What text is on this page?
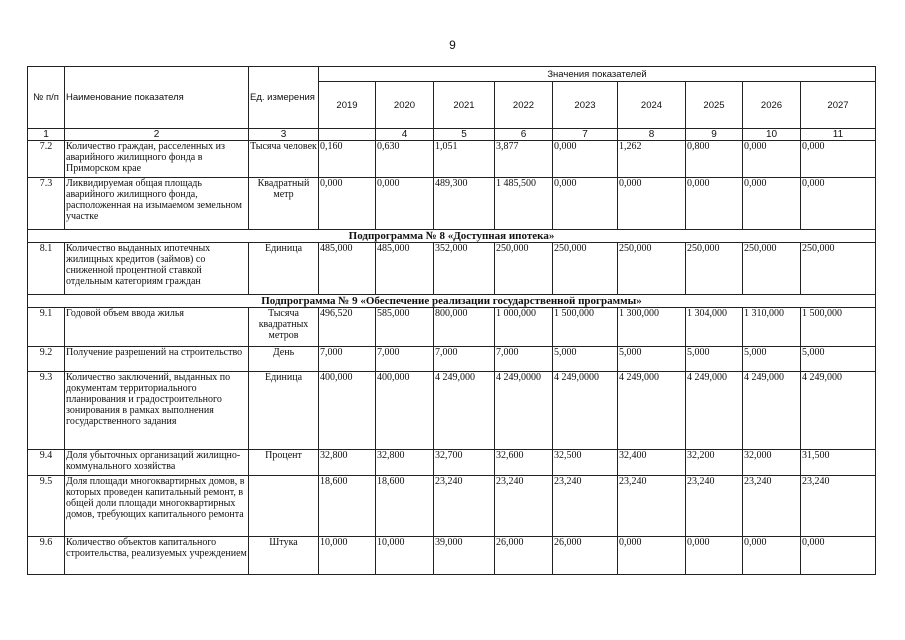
9
№ п/п	Наименование показателя	Ед. измерения	Значения показателей								
			2019	2020	2021	2022	2023	2024	2025	2026	2027
1	2	3		4	5	6	7	8	9	10	11
7.2	Количество граждан, расселенных из аварийного жилищного фонда в Приморском крае	Тысяча человек	0,160	0,630	1,051	3,877	0,000	1,262	0,800	0,000	0,000
7.3	Ликвидируемая общая площадь аварийного жилищного фонда, расположенная на изымаемом земельном участке	Квадратный метр	0,000	0,000	489,300	1 485,500	0,000	0,000	0,000	0,000	0,000
Подпрограмма № 8 «Доступная ипотека»											
8.1	Количество выданных ипотечных жилищных кредитов (займов) со сниженной процентной ставкой отдельным категориям граждан	Единица	485,000	485,000	352,000	250,000	250,000	250,000	250,000	250,000	250,000
Подпрограмма № 9 «Обеспечение реализации государственной программы»											
9.1	Годовой объем ввода жилья	Тысяча квадратных метров	496,520	585,000	800,000	1 000,000	1 500,000	1 300,000	1 304,000	1 310,000	1 500,000
9.2	Получение разрешений на строительство	День	7,000	7,000	7,000	7,000	5,000	5,000	5,000	5,000	5,000
9.3	Количество заключений, выданных по документам территориального планирования и градостроительного зонирования в рамках выполнения государственного задания	Единица	400,000	400,000	4 249,000	4 249,0000	4 249,0000	4 249,000	4 249,000	4 249,000	4 249,000
9.4	Доля убыточных организаций жилищно-коммунального хозяйства	Процент	32,800	32,800	32,700	32,600	32,500	32,400	32,200	32,000	31,500
9.5	Доля площади многоквартирных домов, в которых проведен капитальный ремонт, в общей доли площади многоквартирных домов, требующих капитального ремонта		18,600	18,600	23,240	23,240	23,240	23,240	23,240	23,240	23,240
9.6	Количество объектов капитального строительства, реализуемых учреждением	Штука	10,000	10,000	39,000	26,000	26,000	0,000	0,000	0,000	0,000
